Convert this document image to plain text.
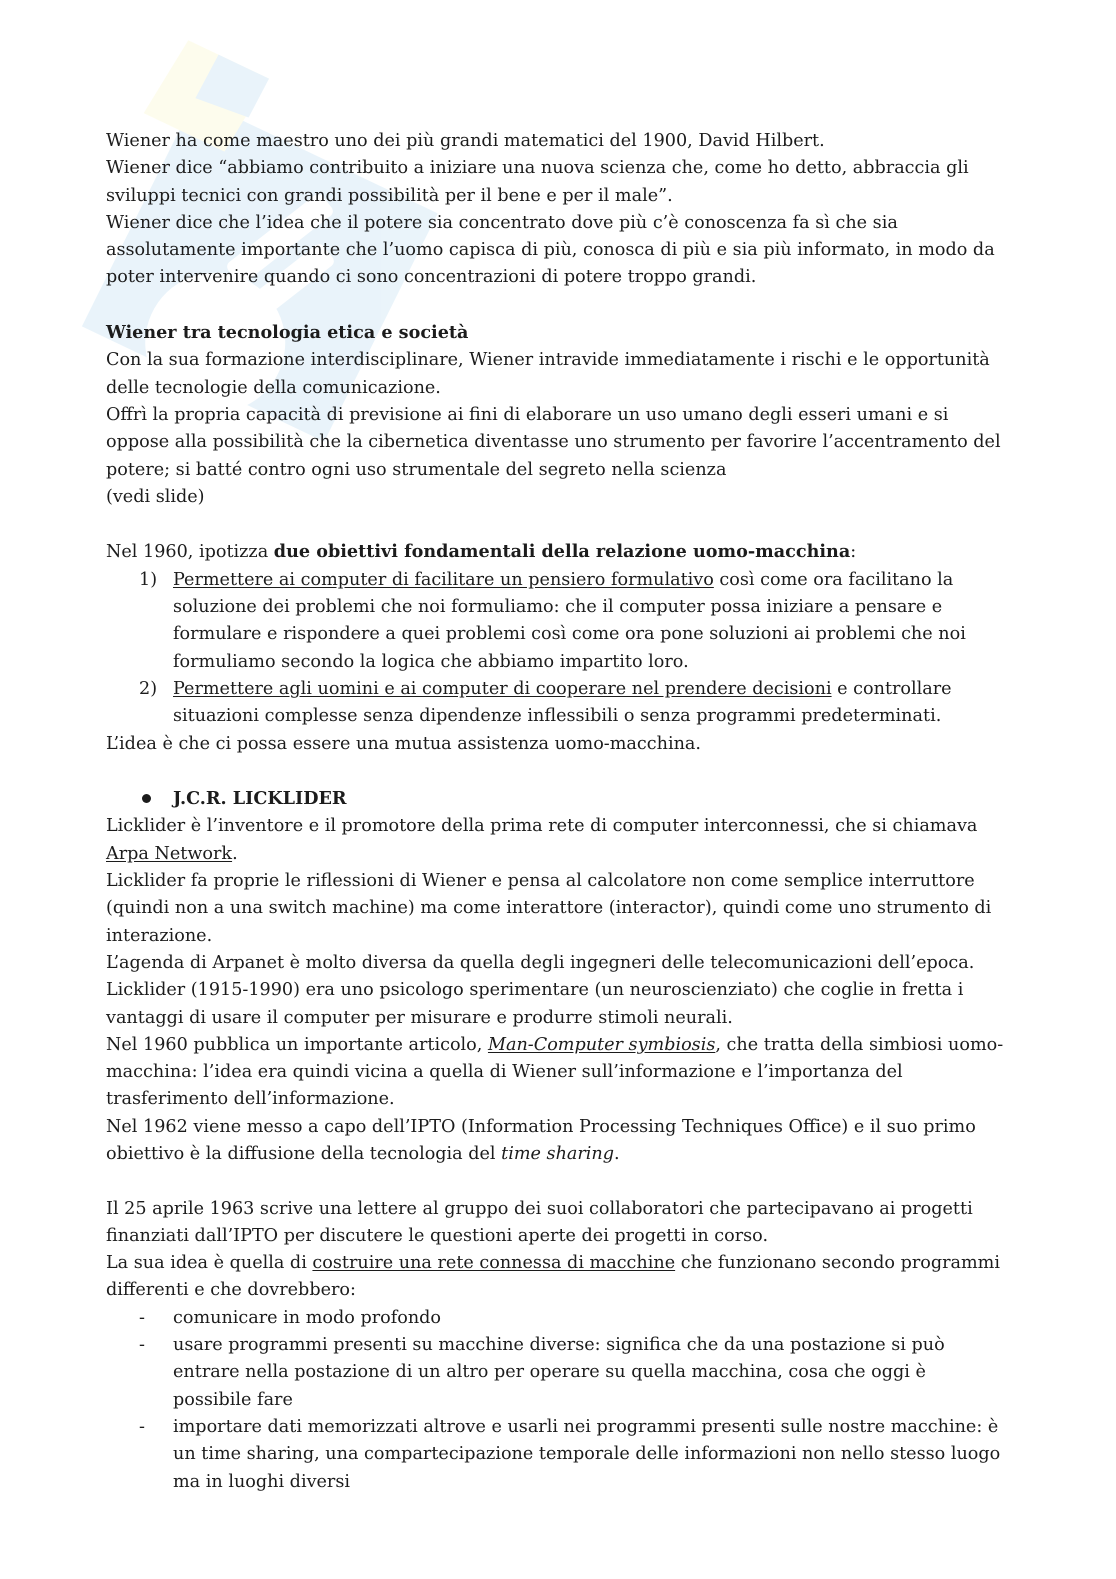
Wiener ha come maestro uno dei più grandi matematici del 1900, David Hilbert.

Wiener dice “abbiamo contribuito a iniziare una nuova scienza che, come ho detto, abbraccia gli sviluppi tecnici con grandi possibilità per il bene e per il male”.

Wiener dice che l’idea che il potere sia concentrato dove più c’è conoscenza fa sì che sia assolutamente importante che l’uomo capisca di più, conosca di più e sia più informato, in modo da poter intervenire quando ci sono concentrazioni di potere troppo grandi.

Wiener tra tecnologia etica e società

Con la sua formazione interdisciplinare, Wiener intravide immediatamente i rischi e le opportunità delle tecnologie della comunicazione.

Offrì la propria capacità di previsione ai fini di elaborare un uso umano degli esseri umani e si oppose alla possibilità che la cibernetica diventasse uno strumento per favorire l’accentramento del potere; si batté contro ogni uso strumentale del segreto nella scienza

(vedi slide)

Nel 1960, ipotizza due obiettivi fondamentali della relazione uomo-macchina:

1) Permettere ai computer di facilitare un pensiero formulativo così come ora facilitano la soluzione dei problemi che noi formuliamo: che il computer possa iniziare a pensare e formulare e rispondere a quei problemi così come ora pone soluzioni ai problemi che noi formuliamo secondo la logica che abbiamo impartito loro.
2) Permettere agli uomini e ai computer di cooperare nel prendere decisioni e controllare situazioni complesse senza dipendenze inflessibili o senza programmi predeterminati.

L’idea è che ci possa essere una mutua assistenza uomo-macchina.

J.C.R. LICKLIDER

Licklider è l’inventore e il promotore della prima rete di computer interconnessi, che si chiamava Arpa Network.

Licklider fa proprie le riflessioni di Wiener e pensa al calcolatore non come semplice interruttore (quindi non a una switch machine) ma come interattore (interactor), quindi come uno strumento di interazione.

L’agenda di Arpanet è molto diversa da quella degli ingegneri delle telecomunicazioni dell’epoca.

Licklider (1915-1990) era uno psicologo sperimentare (un neuroscienziato) che coglie in fretta i vantaggi di usare il computer per misurare e produrre stimoli neurali.

Nel 1960 pubblica un importante articolo, Man-Computer symbiosis, che tratta della simbiosi uomo-macchina: l’idea era quindi vicina a quella di Wiener sull’informazione e l’importanza del trasferimento dell’informazione.

Nel 1962 viene messo a capo dell’IPTO (Information Processing Techniques Office) e il suo primo obiettivo è la diffusione della tecnologia del time sharing.

Il 25 aprile 1963 scrive una lettere al gruppo dei suoi collaboratori che partecipavano ai progetti finanziati dall’IPTO per discutere le questioni aperte dei progetti in corso.

La sua idea è quella di costruire una rete connessa di macchine che funzionano secondo programmi differenti e che dovrebbero:

- comunicare in modo profondo
- usare programmi presenti su macchine diverse: significa che da una postazione si può entrare nella postazione di un altro per operare su quella macchina, cosa che oggi è possibile fare
- importare dati memorizzati altrove e usarli nei programmi presenti sulle nostre macchine: è un time sharing, una compartecipazione temporale delle informazioni non nello stesso luogo ma in luoghi diversi
